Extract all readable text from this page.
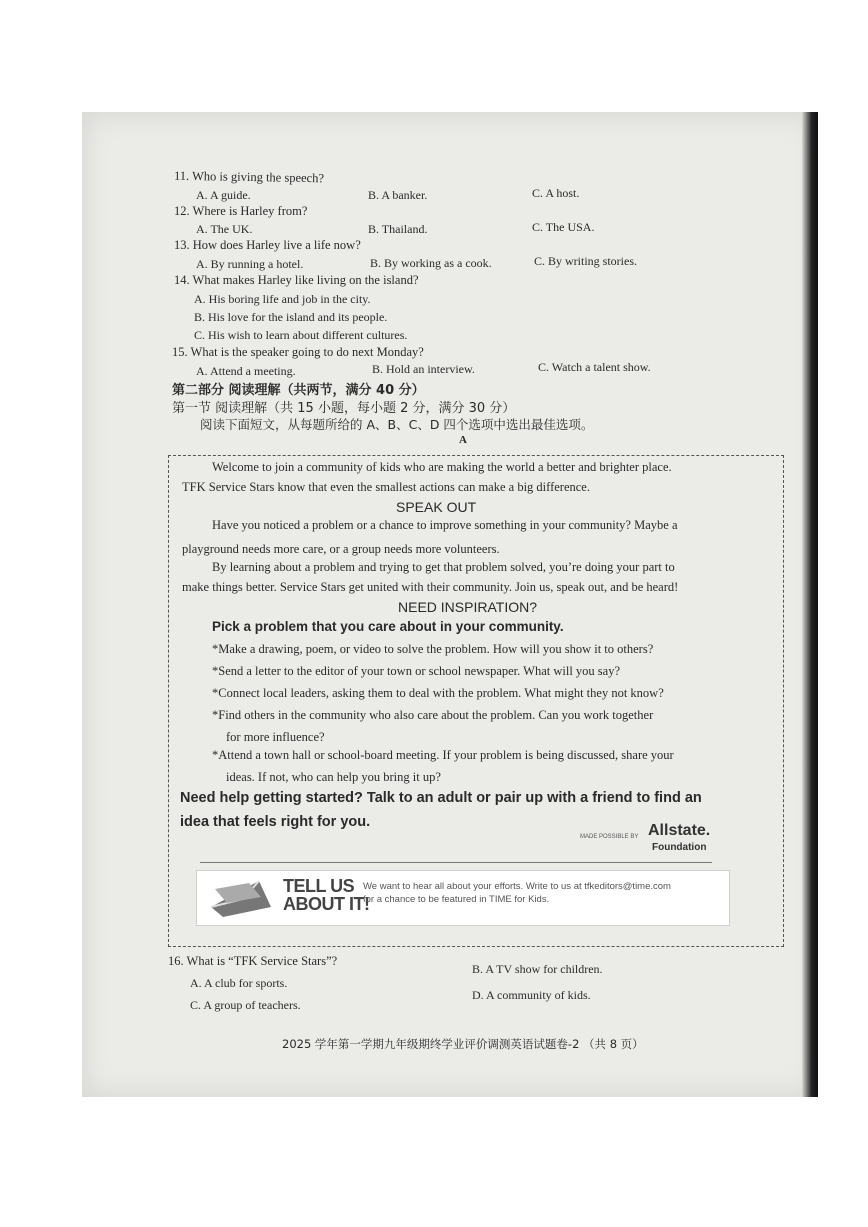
11. Who is giving the speech?
A. A guide.	B. A banker.	C. A host.
12. Where is Harley from?
A. The UK.	B. Thailand.	C. The USA.
13. How does Harley live a life now?
A. By running a hotel.	B. By working as a cook.	C. By writing stories.
14. What makes Harley like living on the island?
A. His boring life and job in the city.
B. His love for the island and its people.
C. His wish to learn about different cultures.
15. What is the speaker going to do next Monday?
A. Attend a meeting.	B. Hold an interview.	C. Watch a talent show.
第二部分 阅读理解（共两节，满分 40 分）
第一节 阅读理解（共 15 小题，每小题 2 分，满分 30 分）
阅读下面短文，从每题所给的 A、B、C、D 四个选项中选出最佳选项。
A
Welcome to join a community of kids who are making the world a better and brighter place.
TFK Service Stars know that even the smallest actions can make a big difference.
SPEAK OUT
Have you noticed a problem or a chance to improve something in your community? Maybe a
playground needs more care, or a group needs more volunteers.
By learning about a problem and trying to get that problem solved, you’re doing your part to
make things better. Service Stars get united with their community. Join us, speak out, and be heard!
NEED INSPIRATION?
Pick a problem that you care about in your community.
*Make a drawing, poem, or video to solve the problem. How will you show it to others?
*Send a letter to the editor of your town or school newspaper. What will you say?
*Connect local leaders, asking them to deal with the problem. What might they not know?
*Find others in the community who also care about the problem. Can you work together
for more influence?
*Attend a town hall or school-board meeting. If your problem is being discussed, share your
ideas. If not, who can help you bring it up?
Need help getting started? Talk to an adult or pair up with a friend to find an
idea that feels right for you.
MADE POSSIBLE BY Allstate.
Foundation
TELL US
ABOUT IT!
We want to hear all about your efforts. Write to us at tfkeditors@time.com
for a chance to be featured in TIME for Kids.
16. What is “TFK Service Stars”?
B. A TV show for children.
A. A club for sports.
D. A community of kids.
C. A group of teachers.
2025 学年第一学期九年级期终学业评价调测英语试题卷-2 （共 8 页）
